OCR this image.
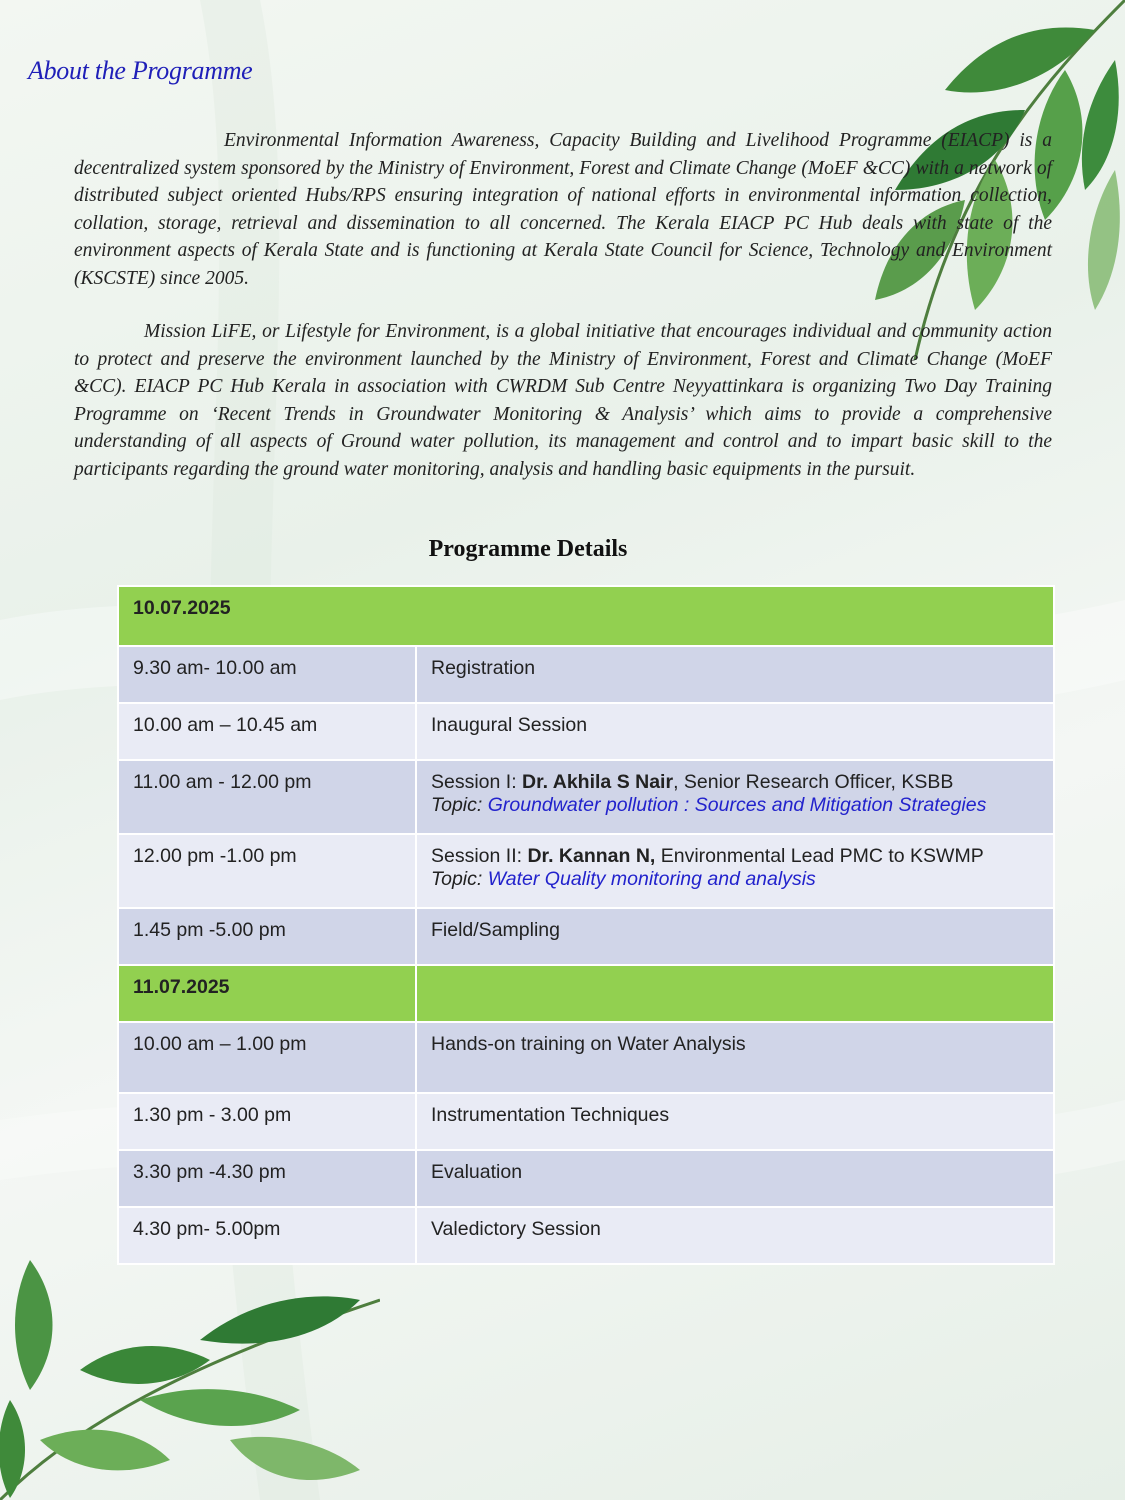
About the Programme

Environmental Information Awareness, Capacity Building and Livelihood Programme (EIACP) is a decentralized system sponsored by the Ministry of Environment, Forest and Climate Change (MoEF &CC) with a network of distributed subject oriented Hubs/RPS ensuring integration of national efforts in environmental information collection, collation, storage, retrieval and dissemination to all concerned. The Kerala EIACP PC Hub deals with state of the environment aspects of Kerala State and is functioning at Kerala State Council for Science, Technology and Environment (KSCSTE) since 2005.

Mission LiFE, or Lifestyle for Environment, is a global initiative that encourages individual and community action to protect and preserve the environment launched by the Ministry of Environment, Forest and Climate Change (MoEF &CC). EIACP PC Hub Kerala in association with CWRDM Sub Centre Neyyattinkara is organizing Two Day Training Programme on ‘Recent Trends in Groundwater Monitoring & Analysis’ which aims to provide a comprehensive understanding of all aspects of Ground water pollution, its management and control and to impart basic skill to the participants regarding the ground water monitoring, analysis and handling basic equipments in the pursuit.

Programme Details
10.07.2025	
9.30 am- 10.00 am	Registration
10.00 am – 10.45 am	Inaugural Session
11.00 am - 12.00 pm	Session I: Dr. Akhila S Nair, Senior Research Officer, KSBB
Topic: Groundwater pollution : Sources and Mitigation Strategies

12.00 pm -1.00 pm	Session II: Dr. Kannan N, Environmental Lead PMC to KSWMP
Topic: Water Quality monitoring and analysis

1.45 pm -5.00 pm	Field/Sampling
11.07.2025	
10.00 am – 1.00 pm	Hands-on training on Water Analysis
1.30 pm - 3.00 pm	Instrumentation Techniques
3.30 pm -4.30 pm	Evaluation
4.30 pm- 5.00pm	Valedictory Session
